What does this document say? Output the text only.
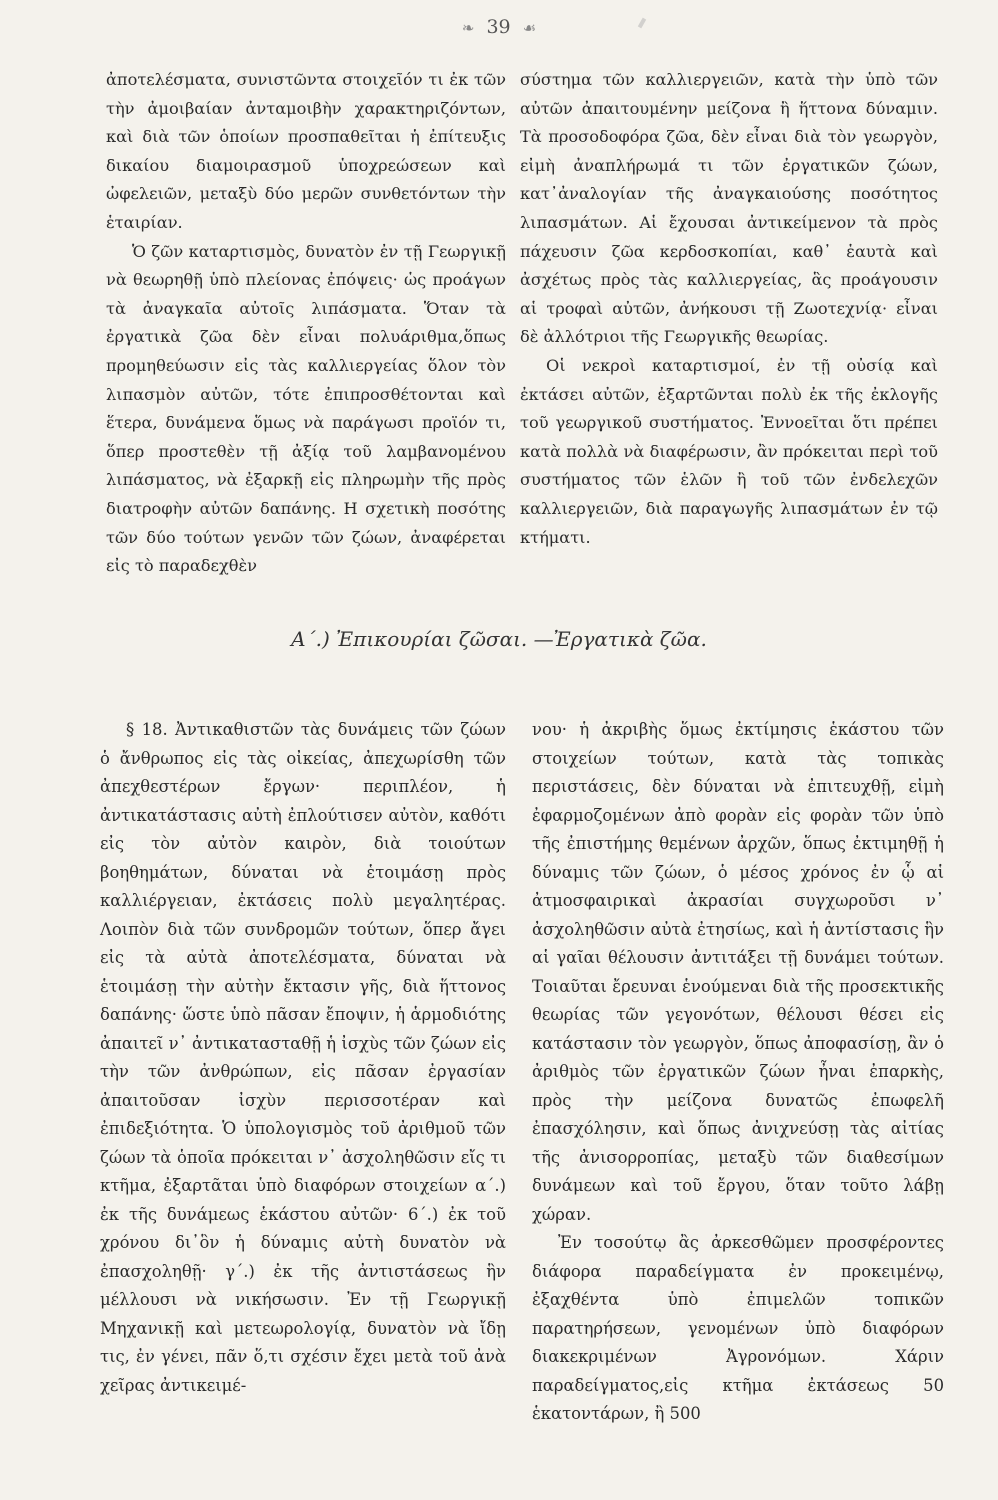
❧ 39 ☙

ἀποτελέσματα, συνιστῶντα στοιχεῖόν τι ἐκ τῶν τὴν ἀμοιβαίαν ἀνταμοιβὴν χαρακτηριζόντων, καὶ διὰ τῶν ὁποίων προσπαθεῖται ἡ ἐπίτευξις δικαίου διαμοιρασμοῦ ὑποχρεώσεων καὶ ὠφελειῶν, μεταξὺ δύο μερῶν συνθετόντων τὴν ἑταιρίαν.

Ὁ ζῶν καταρτισμὸς, δυνατὸν ἐν τῇ Γεωργικῇ νὰ θεωρηθῇ ὑπὸ πλείονας ἐπόψεις· ὡς προάγων τὰ ἀναγκαῖα αὐτοῖς λιπάσματα. Ὅταν τὰ ἐργατικὰ ζῶα δὲν εἶναι πολυάριθμα,ὅπως προμηθεύωσιν εἰς τὰς καλλιεργείας ὅλον τὸν λιπασμὸν αὐτῶν, τότε ἐπιπροσθέτονται καὶ ἕτερα, δυνάμενα ὅμως νὰ παράγωσι προϊόν τι, ὅπερ προστεθὲν τῇ ἀξίᾳ τοῦ λαμβανομένου λιπάσματος, νὰ ἐξαρκῇ εἰς πληρωμὴν τῆς πρὸς διατροφὴν αὐτῶν δαπάνης. Η σχετικὴ ποσότης τῶν δύο τούτων γενῶν τῶν ζώων, ἀναφέρεται εἰς τὸ παραδεχθὲν

σύστημα τῶν καλλιεργειῶν, κατὰ τὴν ὑπὸ τῶν αὐτῶν ἀπαιτουμένην μείζονα ἢ ἥττονα δύναμιν. Τὰ προσοδοφόρα ζῶα, δὲν εἶναι διὰ τὸν γεωργὸν, εἰμὴ ἀναπλήρωμά τι τῶν ἐργατικῶν ζώων, κατ᾽ἀναλογίαν τῆς ἀναγκαιούσης ποσότητος λιπασμάτων. Αἱ ἔχουσαι ἀντικείμενον τὰ πρὸς πάχευσιν ζῶα κερδοσκοπίαι, καθ᾽ ἑαυτὰ καὶ ἀσχέτως πρὸς τὰς καλλιεργείας, ἃς προάγουσιν αἱ τροφαὶ αὐτῶν, ἀνήκουσι τῇ Ζωοτεχνίᾳ· εἶναι δὲ ἀλλότριοι τῆς Γεωργικῆς θεωρίας.

Οἱ νεκροὶ καταρτισμοί, ἐν τῇ οὐσίᾳ καὶ ἐκτάσει αὐτῶν, ἐξαρτῶνται πολὺ ἐκ τῆς ἐκλογῆς τοῦ γεωργικοῦ συστήματος. Ἐννοεῖται ὅτι πρέπει κατὰ πολλὰ νὰ διαφέρωσιν, ἂν πρόκειται περὶ τοῦ συστήματος τῶν ἑλῶν ἢ τοῦ τῶν ἐνδελεχῶν καλλιεργειῶν, διὰ παραγωγῆς λιπασμάτων ἐν τῷ κτήματι.

A΄.) Ἐπικουρίαι ζῶσαι. —Ἐργατικὰ ζῶα.

§ 18. Ἀντικαθιστῶν τὰς δυνάμεις τῶν ζώων ὁ ἄνθρωπος εἰς τὰς οἰκείας, ἀπεχωρίσθη τῶν ἀπεχθεστέρων ἔργων· περιπλέον, ἡ ἀντικατάστασις αὐτὴ ἐπλούτισεν αὐτὸν, καθότι εἰς τὸν αὐτὸν καιρὸν, διὰ τοιούτων βοηθημάτων, δύναται νὰ ἑτοιμάσῃ πρὸς καλλιέργειαν, ἐκτάσεις πολὺ μεγαλητέρας. Λοιπὸν διὰ τῶν συνδρομῶν τούτων, ὅπερ ἄγει εἰς τὰ αὐτὰ ἀποτελέσματα, δύναται νὰ ἑτοιμάσῃ τὴν αὐτὴν ἔκτασιν γῆς, διὰ ἥττονος δαπάνης· ὥστε ὑπὸ πᾶσαν ἔποψιν, ἡ ἁρμοδιότης ἀπαιτεῖ ν᾽ ἀντικατασταθῇ ἡ ἰσχὺς τῶν ζώων εἰς τὴν τῶν ἀνθρώπων, εἰς πᾶσαν ἐργασίαν ἀπαιτοῦσαν ἰσχὺν περισσοτέραν καὶ ἐπιδεξιότητα. Ὁ ὑπολογισμὸς τοῦ ἀριθμοῦ τῶν ζώων τὰ ὁποῖα πρόκειται ν᾽ ἀσχοληθῶσιν εἴς τι κτῆμα, ἐξαρτᾶται ὑπὸ διαφόρων στοιχείων α΄.) ἐκ τῆς δυνάμεως ἑκάστου αὐτῶν· 6΄.) ἐκ τοῦ χρόνου δι᾽ὃν ἡ δύναμις αὐτὴ δυνατὸν νὰ ἐπασχοληθῇ· γ΄.) ἐκ τῆς ἀντιστάσεως ἣν μέλλουσι νὰ νικήσωσιν. Ἐν τῇ Γεωργικῇ Μηχανικῇ καὶ μετεωρολογίᾳ, δυνατὸν νὰ ἴδῃ τις, ἐν γένει, πᾶν ὅ,τι σχέσιν ἔχει μετὰ τοῦ ἀνὰ χεῖρας ἀντικειμέ-

νου· ἡ ἀκριβὴς ὅμως ἐκτίμησις ἑκάστου τῶν στοιχείων τούτων, κατὰ τὰς τοπικὰς περιστάσεις, δὲν δύναται νὰ ἐπιτευχθῇ, εἰμὴ ἐφαρμοζομένων ἀπὸ φορὰν εἰς φορὰν τῶν ὑπὸ τῆς ἐπιστήμης θεμένων ἀρχῶν, ὅπως ἐκτιμηθῇ ἡ δύναμις τῶν ζώων, ὁ μέσος χρόνος ἐν ᾧ αἱ ἀτμοσφαιρικαὶ ἀκρασίαι συγχωροῦσι ν᾽ ἀσχοληθῶσιν αὐτὰ ἐτησίως, καὶ ἡ ἀντίστασις ἣν αἱ γαῖαι θέλουσιν ἀντιτάξει τῇ δυνάμει τούτων. Τοιαῦται ἔρευναι ἑνούμεναι διὰ τῆς προσεκτικῆς θεωρίας τῶν γεγονότων, θέλουσι θέσει εἰς κατάστασιν τὸν γεωργὸν, ὅπως ἀποφασίσῃ, ἂν ὁ ἀριθμὸς τῶν ἐργατικῶν ζώων ἦναι ἐπαρκὴς, πρὸς τὴν μείζονα δυνατῶς ἐπωφελῆ ἐπασχόλησιν, καὶ ὅπως ἀνιχνεύσῃ τὰς αἰτίας τῆς ἀνισορροπίας, μεταξὺ τῶν διαθεσίμων δυνάμεων καὶ τοῦ ἔργου, ὅταν τοῦτο λάβῃ χώραν.

Ἐν τοσούτῳ ἂς ἀρκεσθῶμεν προσφέροντες διάφορα παραδείγματα ἐν προκειμένῳ, ἐξαχθέντα ὑπὸ ἐπιμελῶν τοπικῶν παρατηρήσεων, γενομένων ὑπὸ διαφόρων διακεκριμένων Ἀγρονόμων. Χάριν παραδείγματος,εἰς κτῆμα ἐκτάσεως 50 ἑκατοντάρων, ἢ 500
